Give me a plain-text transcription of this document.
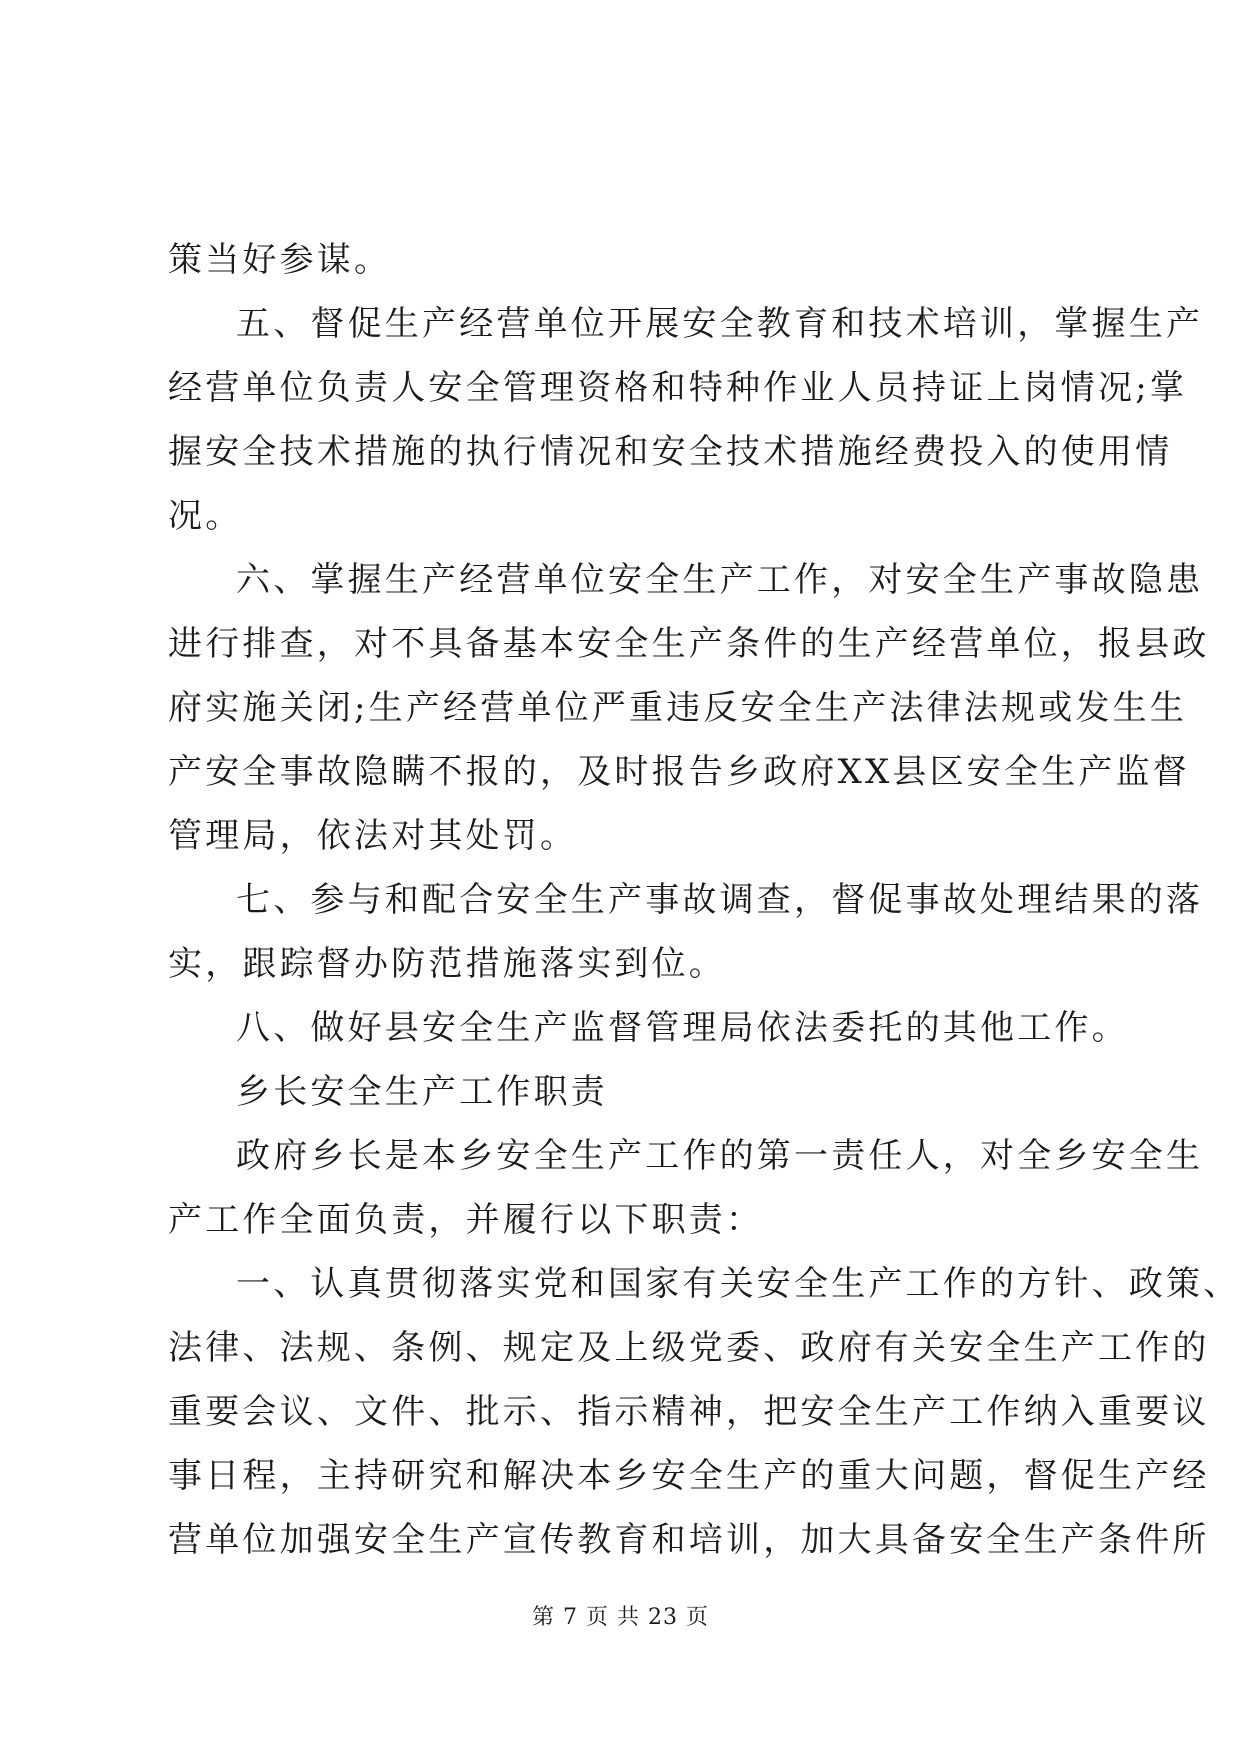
策当好参谋。
五、督促生产经营单位开展安全教育和技术培训，掌握生产
经营单位负责人安全管理资格和特种作业人员持证上岗情况;掌
握安全技术措施的执行情况和安全技术措施经费投入的使用情
况。
六、掌握生产经营单位安全生产工作，对安全生产事故隐患
进行排查，对不具备基本安全生产条件的生产经营单位，报县政
府实施关闭;生产经营单位严重违反安全生产法律法规或发生生
产安全事故隐瞒不报的，及时报告乡政府XX县区安全生产监督
管理局，依法对其处罚。
七、参与和配合安全生产事故调查，督促事故处理结果的落
实，跟踪督办防范措施落实到位。
八、做好县安全生产监督管理局依法委托的其他工作。
乡长安全生产工作职责
政府乡长是本乡安全生产工作的第一责任人，对全乡安全生
产工作全面负责，并履行以下职责：
一、认真贯彻落实党和国家有关安全生产工作的方针、政策、
法律、法规、条例、规定及上级党委、政府有关安全生产工作的
重要会议、文件、批示、指示精神，把安全生产工作纳入重要议
事日程，主持研究和解决本乡安全生产的重大问题，督促生产经
营单位加强安全生产宣传教育和培训，加大具备安全生产条件所
第 7 页 共 23 页
